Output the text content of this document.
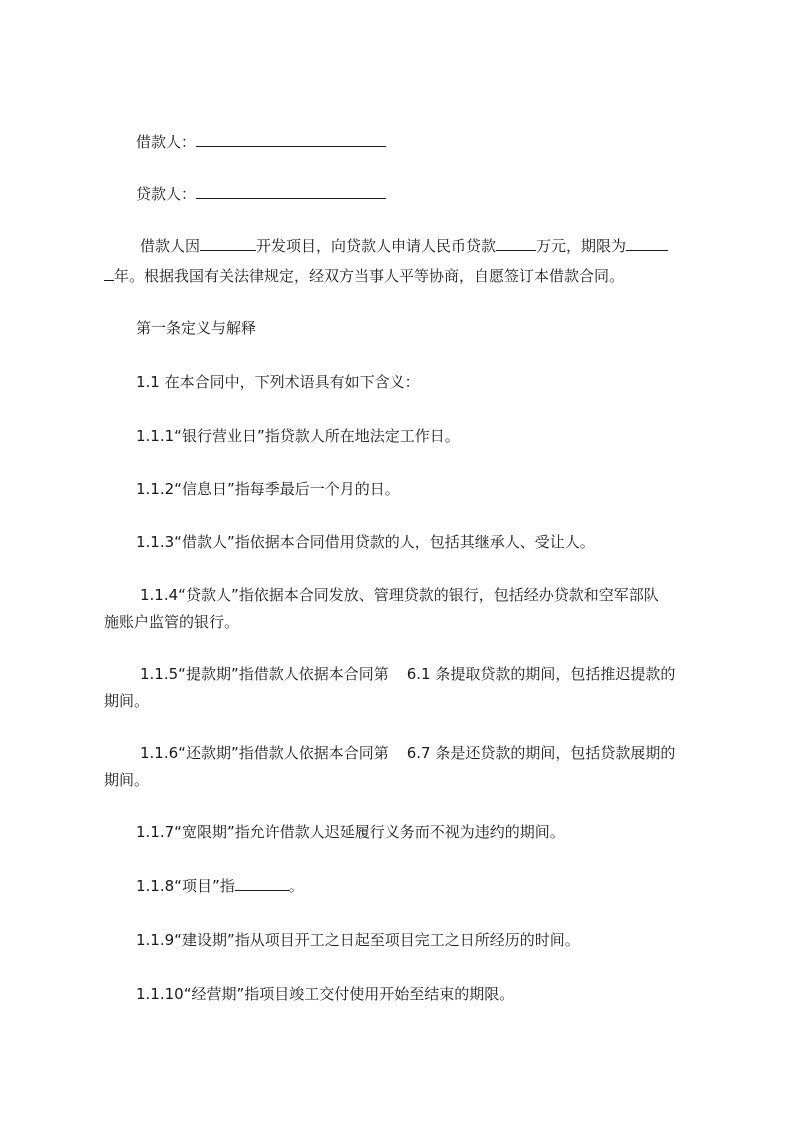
借款人：

贷款人：

借款人因	开发项目，向贷款人申请人民币贷款	万元，期限为

年。根据我国有关法律规定，经双方当事人平等协商，自愿签订本借款合同。

第一条定义与解释

1.1 在本合同中，下列术语具有如下含义：

1.1.1“银行营业日”指贷款人所在地法定工作日。

1.1.2“信息日”指每季最后一个月的日。

1.1.3“借款人”指依据本合同借用贷款的人，包括其继承人、受让人。

1.1.4“贷款人”指依据本合同发放、管理贷款的银行，包括经办贷款和空军部队

施账户监管的银行。

1.1.5“提款期”指借款人依据本合同第 6.1 条提取贷款的期间，包括推迟提款的

期间。

1.1.6“还款期”指借款人依据本合同第 6.7 条是还贷款的期间，包括贷款展期的

期间。

1.1.7“宽限期”指允许借款人迟延履行义务而不视为违约的期间。

1.1.8“项目”指	。

1.1.9“建设期”指从项目开工之日起至项目完工之日所经历的时间。

1.1.10“经营期”指项目竣工交付使用开始至结束的期限。
